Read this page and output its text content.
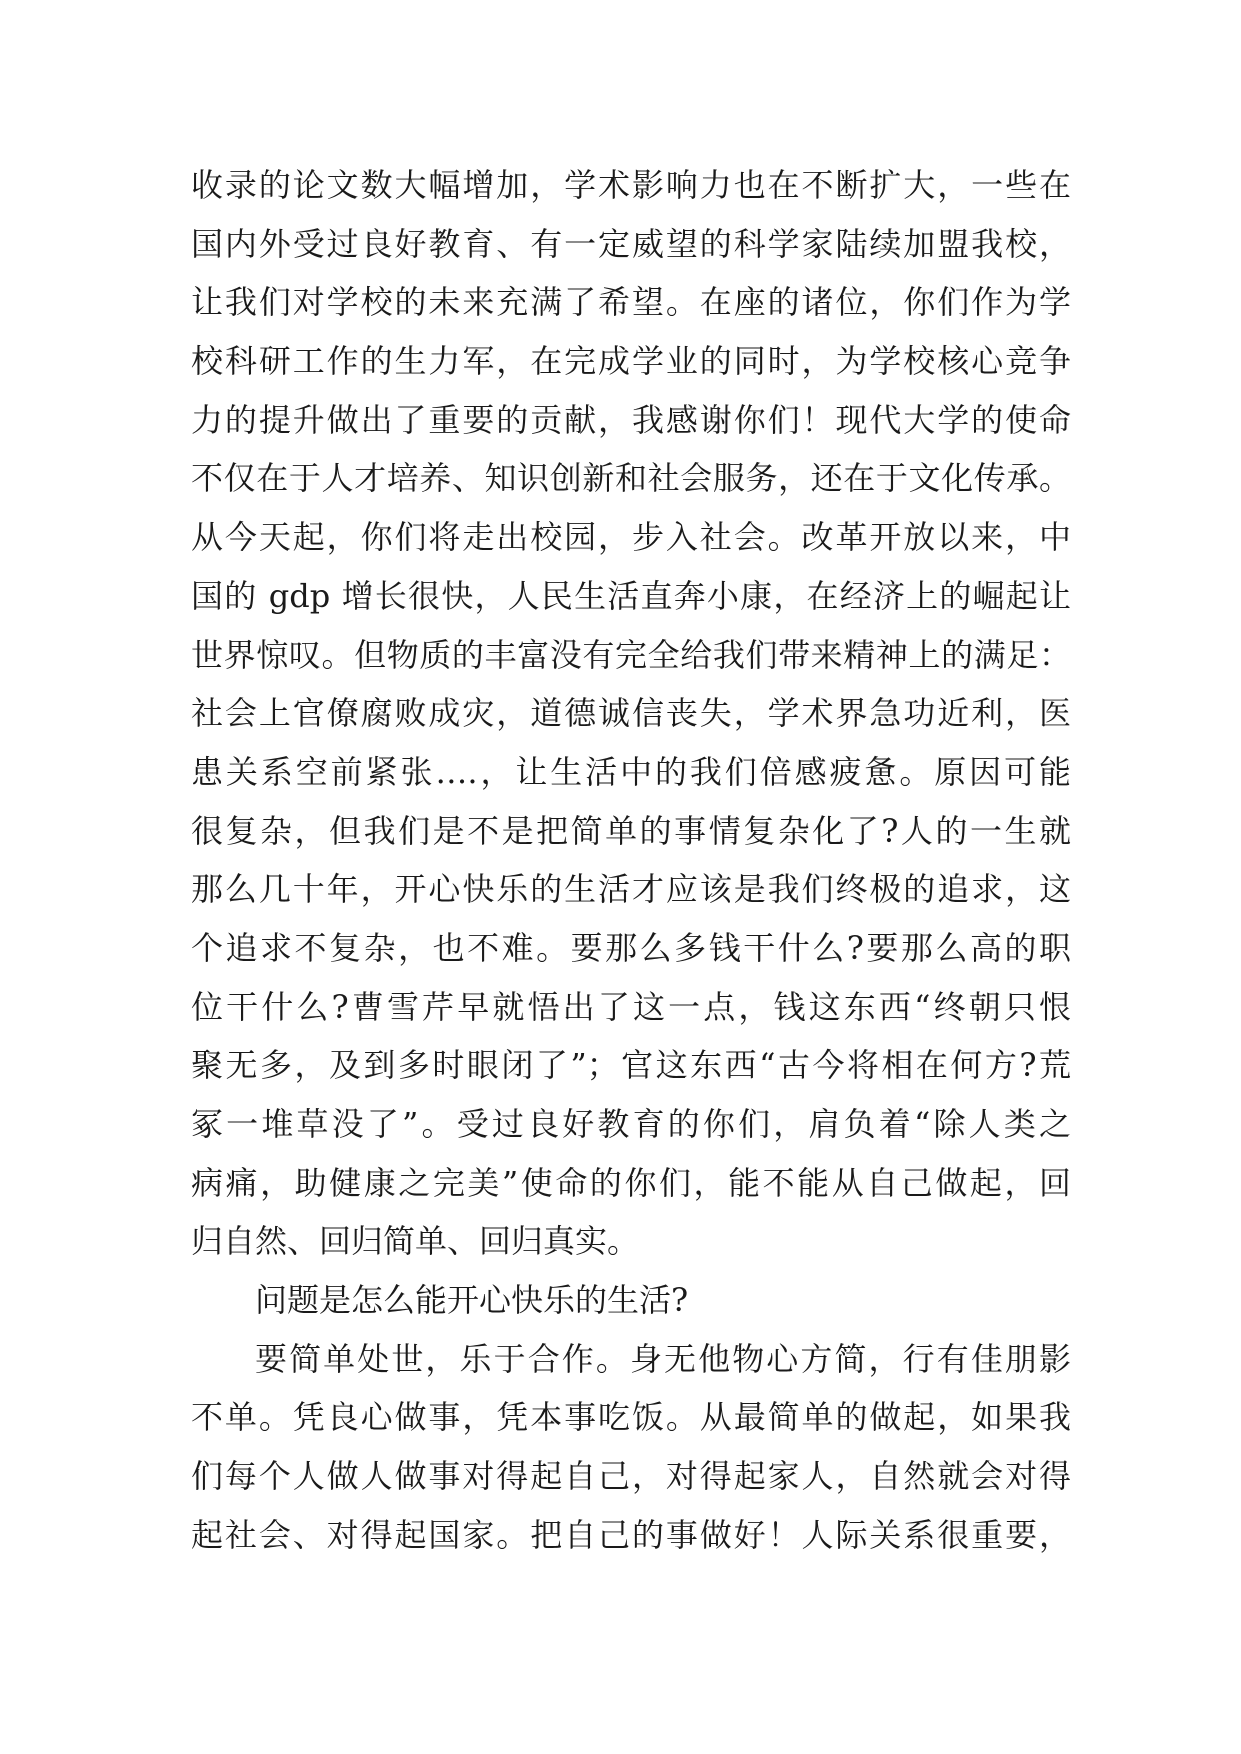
收录的论文数大幅增加，学术影响力也在不断扩大，一些在
国内外受过良好教育、有一定威望的科学家陆续加盟我校，
让我们对学校的未来充满了希望。在座的诸位，你们作为学
校科研工作的生力军，在完成学业的同时，为学校核心竞争
力的提升做出了重要的贡献，我感谢你们！现代大学的使命
不仅在于人才培养、知识创新和社会服务，还在于文化传承。
从今天起，你们将走出校园，步入社会。改革开放以来，中
国的 gdp 增长很快，人民生活直奔小康，在经济上的崛起让
世界惊叹。但物质的丰富没有完全给我们带来精神上的满足：
社会上官僚腐败成灾，道德诚信丧失，学术界急功近利，医
患关系空前紧张….，让生活中的我们倍感疲惫。原因可能
很复杂，但我们是不是把简单的事情复杂化了?人的一生就
那么几十年，开心快乐的生活才应该是我们终极的追求，这
个追求不复杂，也不难。要那么多钱干什么?要那么高的职
位干什么?曹雪芹早就悟出了这一点，钱这东西“终朝只恨
聚无多，及到多时眼闭了”；官这东西“古今将相在何方?荒
冢一堆草没了”。受过良好教育的你们，肩负着“除人类之
病痛，助健康之完美”使命的你们，能不能从自己做起，回
归自然、回归简单、回归真实。
问题是怎么能开心快乐的生活?
要简单处世，乐于合作。身无他物心方简，行有佳朋影
不单。凭良心做事，凭本事吃饭。从最简单的做起，如果我
们每个人做人做事对得起自己，对得起家人，自然就会对得
起社会、对得起国家。把自己的事做好！人际关系很重要，
